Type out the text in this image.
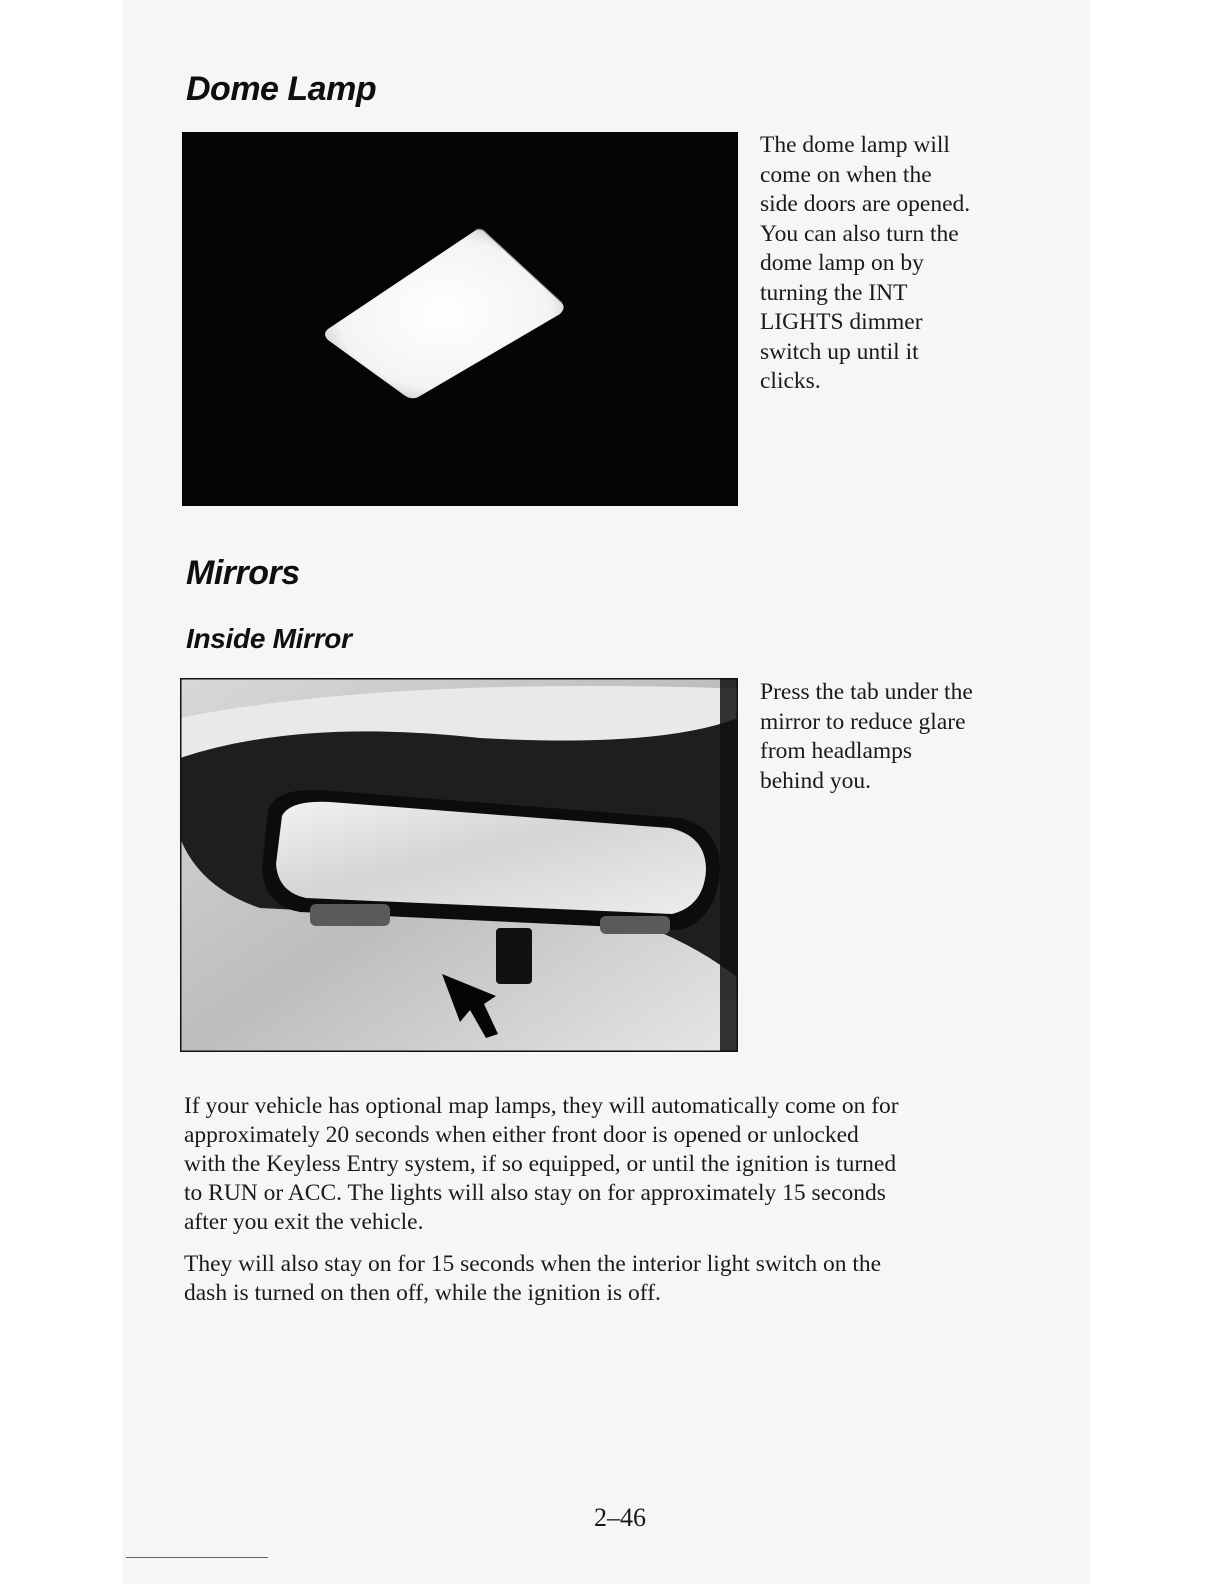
Dome Lamp
The dome lamp will
come on when the
side doors are opened.
You can also turn the
dome lamp on by
turning the INT
LIGHTS dimmer
switch up until it
clicks.
Mirrors
Inside Mirror
Press the tab under the
mirror to reduce glare
from headlamps
behind you.
If your vehicle has optional map lamps, they will automatically come on for
approximately 20 seconds when either front door is opened or unlocked
with the Keyless Entry system, if so equipped, or until the ignition is turned
to RUN or ACC. The lights will also stay on for approximately 15 seconds
after you exit the vehicle.
They will also stay on for 15 seconds when the interior light switch on the
dash is turned on then off, while the ignition is off.
2–46
